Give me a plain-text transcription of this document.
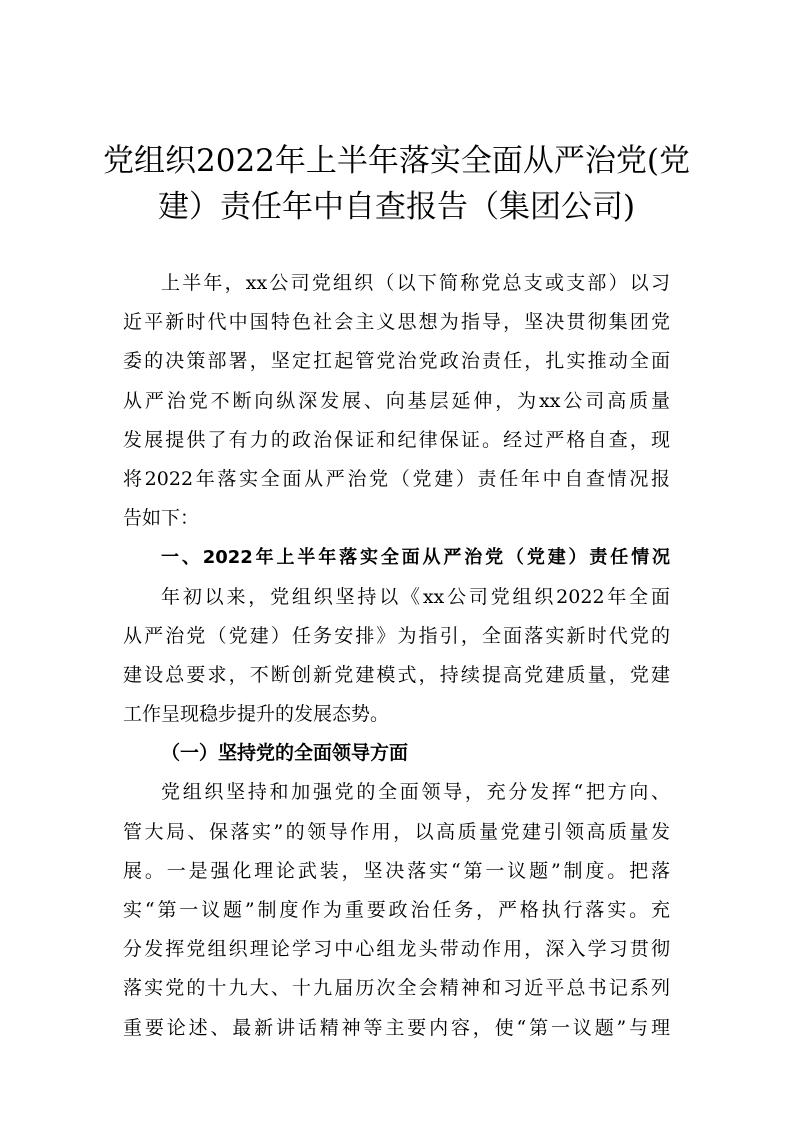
党组织2022年上半年落实全面从严治党(党
建）责任年中自查报告（集团公司)
上半年，xx公司党组织（以下简称党总支或支部）以习
近平新时代中国特色社会主义思想为指导，坚决贯彻集团党
委的决策部署，坚定扛起管党治党政治责任，扎实推动全面
从严治党不断向纵深发展、向基层延伸，为xx公司高质量
发展提供了有力的政治保证和纪律保证。经过严格自查，现
将2022年落实全面从严治党（党建）责任年中自查情况报
告如下：
一、2022年上半年落实全面从严治党（党建）责任情况
年初以来，党组织坚持以《xx公司党组织2022年全面
从严治党（党建）任务安排》为指引，全面落实新时代党的
建设总要求，不断创新党建模式，持续提高党建质量，党建
工作呈现稳步提升的发展态势。
（一）坚持党的全面领导方面
党组织坚持和加强党的全面领导，充分发挥“把方向、
管大局、保落实”的领导作用，以高质量党建引领高质量发
展。一是强化理论武装，坚决落实“第一议题”制度。把落
实“第一议题”制度作为重要政治任务，严格执行落实。充
分发挥党组织理论学习中心组龙头带动作用，深入学习贯彻
落实党的十九大、十九届历次全会精神和习近平总书记系列
重要论述、最新讲话精神等主要内容，使“第一议题”与理
